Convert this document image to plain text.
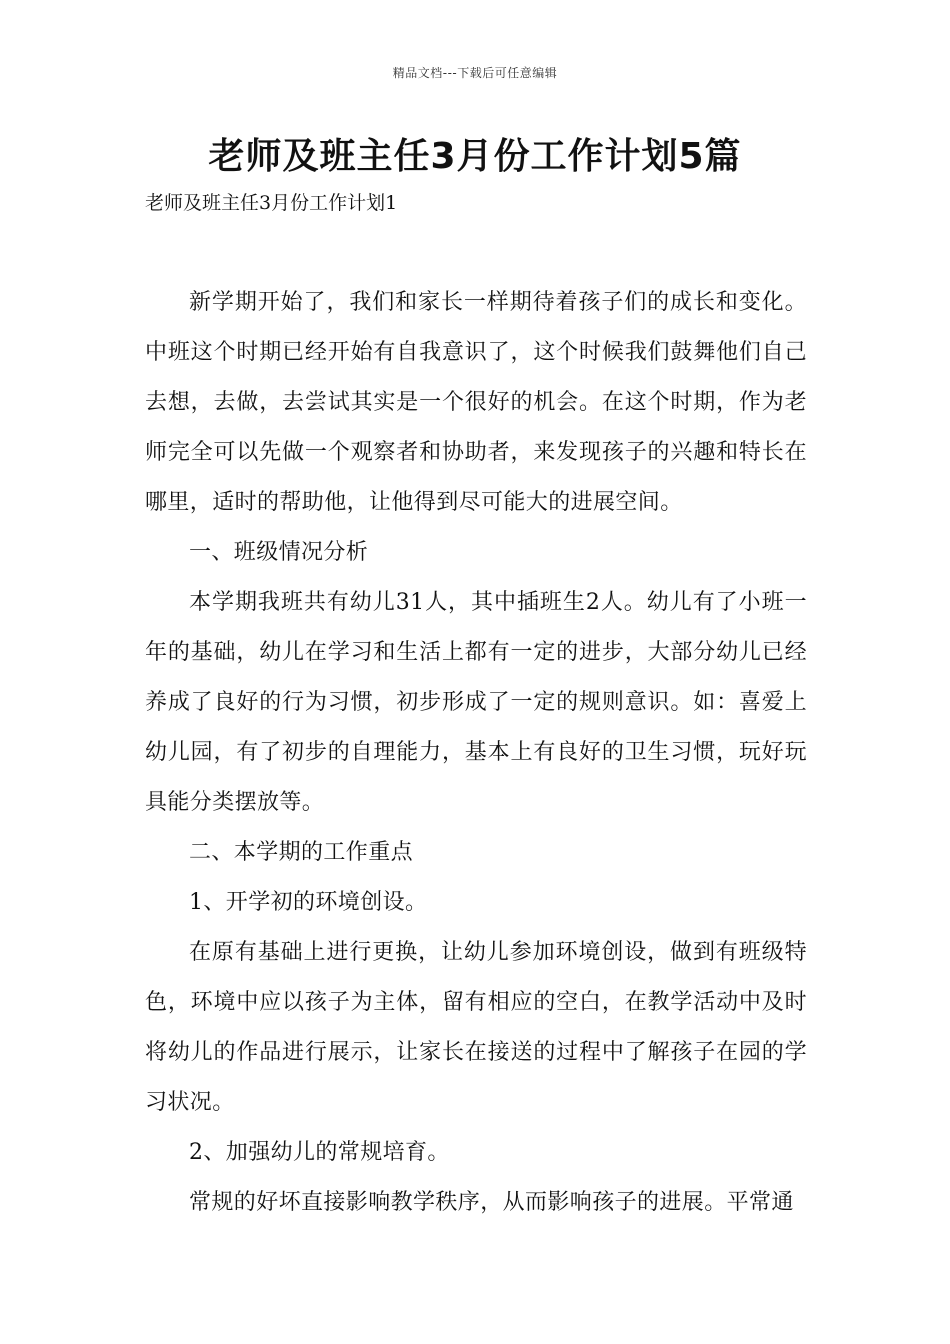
精品文档---下载后可任意编辑
老师及班主任3月份工作计划5篇
老师及班主任3月份工作计划1

新学期开始了，我们和家长一样期待着孩子们的成长和变化。中班这个时期已经开始有自我意识了，这个时候我们鼓舞他们自己去想，去做，去尝试其实是一个很好的机会。在这个时期，作为老师完全可以先做一个观察者和协助者，来发现孩子的兴趣和特长在哪里，适时的帮助他，让他得到尽可能大的进展空间。

一、班级情况分析

本学期我班共有幼儿31人，其中插班生2人。幼儿有了小班一年的基础，幼儿在学习和生活上都有一定的进步，大部分幼儿已经养成了良好的行为习惯，初步形成了一定的规则意识。如：喜爱上幼儿园，有了初步的自理能力，基本上有良好的卫生习惯，玩好玩具能分类摆放等。

二、本学期的工作重点

1、开学初的环境创设。

在原有基础上进行更换，让幼儿参加环境创设，做到有班级特色，环境中应以孩子为主体，留有相应的空白，在教学活动中及时将幼儿的作品进行展示，让家长在接送的过程中了解孩子在园的学习状况。

2、加强幼儿的常规培育。

常规的好坏直接影响教学秩序，从而影响孩子的进展。平常通
